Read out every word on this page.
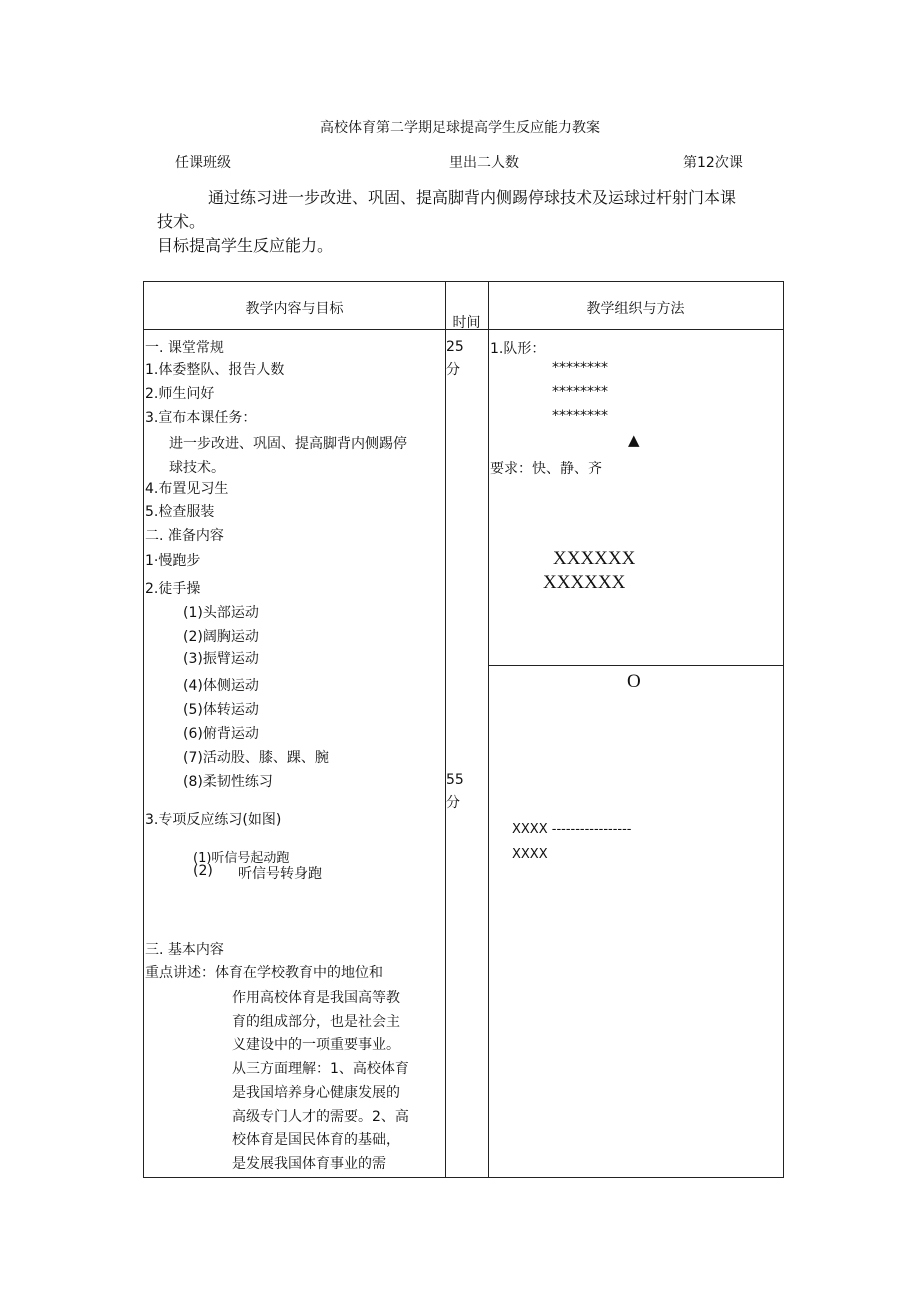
高校体育第二学期足球提高学生反应能力教案
任课班级	里出二人数	第12次课
通过练习进一步改进、巩固、提高脚背内侧踢停球技术及运球过杆射门本课
技术。
目标提高学生反应能力。
教学内容与目标
时间
教学组织与方法
一. 课堂常规
1.体委整队、报告人数
2.师生问好
3.宣布本课任务：
进一步改进、巩固、提高脚背内侧踢停
球技术。
4.布置见习生
5.检查服装
二. 准备内容
1·慢跑步
2.徒手操
(1)头部运动
(2)阔胸运动
(3)振臂运动
(4)体侧运动
(5)体转运动
(6)俯背运动
(7)活动股、膝、踝、腕
(8)柔韧性练习
3.专项反应练习(如图)
(1)听信号起动跑
(2) 听信号转身跑
三. 基本内容
重点讲述：体育在学校教育中的地位和
作用高校体育是我国高等教
育的组成部分，也是社会主
义建设中的一项重要事业。
从三方面理解：1、高校体育
是我国培养身心健康发展的
高级专门人才的需要。2、高
校体育是国民体育的基础，
是发展我国体育事业的需
25
分
55
分
1.队形：
********
********
********
▲
要求：快、静、齐
XXXXXX
XXXXXX
O
XXXX -----------------
XXXX
